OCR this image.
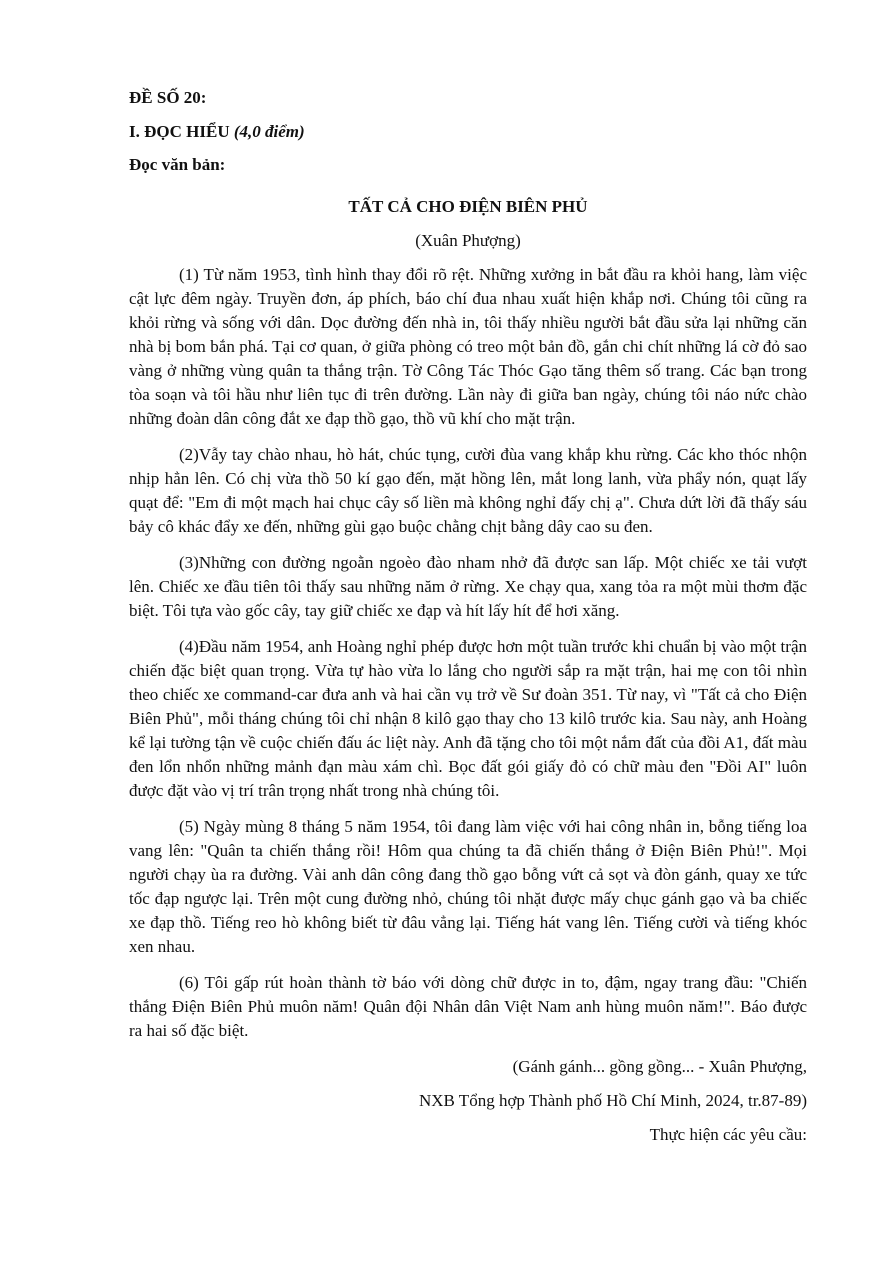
ĐỀ SỐ 20:

I. ĐỌC HIỂU (4,0 điểm)

Đọc văn bản:

TẤT CẢ CHO ĐIỆN BIÊN PHỦ

(Xuân Phượng)

(1) Từ năm 1953, tình hình thay đổi rõ rệt. Những xưởng in bắt đầu ra khỏi hang, làm việc cật lực đêm ngày. Truyền đơn, áp phích, báo chí đua nhau xuất hiện khắp nơi. Chúng tôi cũng ra khỏi rừng và sống với dân. Dọc đường đến nhà in, tôi thấy nhiều người bắt đầu sửa lại những căn nhà bị bom bắn phá. Tại cơ quan, ở giữa phòng có treo một bản đồ, gắn chi chít những lá cờ đỏ sao vàng ở những vùng quân ta thắng trận. Tờ Công Tác Thóc Gạo tăng thêm số trang. Các bạn trong tòa soạn và tôi hầu như liên tục đi trên đường. Lần này đi giữa ban ngày, chúng tôi náo nức chào những đoàn dân công đắt xe đạp thồ gạo, thồ vũ khí cho mặt trận.

(2)Vẫy tay chào nhau, hò hát, chúc tụng, cười đùa vang khắp khu rừng. Các kho thóc nhộn nhịp hẳn lên. Có chị vừa thồ 50 kí gạo đến, mặt hồng lên, mắt long lanh, vừa phẩy nón, quạt lấy quạt để: "Em đi một mạch hai chục cây số liền mà không nghỉ đấy chị ạ". Chưa dứt lời đã thấy sáu bảy cô khác đẩy xe đến, những gùi gạo buộc chằng chịt bằng dây cao su đen.

(3)Những con đường ngoằn ngoèo đào nham nhở đã được san lấp. Một chiếc xe tải vượt lên. Chiếc xe đầu tiên tôi thấy sau những năm ở rừng. Xe chạy qua, xang tỏa ra một mùi thơm đặc biệt. Tôi tựa vào gốc cây, tay giữ chiếc xe đạp và hít lấy hít để hơi xăng.

(4)Đầu năm 1954, anh Hoàng nghỉ phép được hơn một tuần trước khi chuẩn bị vào một trận chiến đặc biệt quan trọng. Vừa tự hào vừa lo lắng cho người sắp ra mặt trận, hai mẹ con tôi nhìn theo chiếc xe command-car đưa anh và hai cần vụ trở về Sư đoàn 351. Từ nay, vì "Tất cả cho Điện Biên Phủ", mỗi tháng chúng tôi chỉ nhận 8 kilô gạo thay cho 13 kilô trước kia. Sau này, anh Hoàng kể lại tường tận về cuộc chiến đấu ác liệt này. Anh đã tặng cho tôi một nắm đất của đồi A1, đất màu đen lổn nhổn những mảnh đạn màu xám chì. Bọc đất gói giấy đỏ có chữ màu đen "Đồi AI" luôn được đặt vào vị trí trân trọng nhất trong nhà chúng tôi.

(5) Ngày mùng 8 tháng 5 năm 1954, tôi đang làm việc với hai công nhân in, bỗng tiếng loa vang lên: "Quân ta chiến thắng rồi! Hôm qua chúng ta đã chiến thắng ở Điện Biên Phủ!". Mọi người chạy ùa ra đường. Vài anh dân công đang thồ gạo bỗng vứt cả sọt và đòn gánh, quay xe tức tốc đạp ngược lại. Trên một cung đường nhỏ, chúng tôi nhặt được mấy chục gánh gạo và ba chiếc xe đạp thồ. Tiếng reo hò không biết từ đâu vẳng lại. Tiếng hát vang lên. Tiếng cười và tiếng khóc xen nhau.

(6) Tôi gấp rút hoàn thành tờ báo với dòng chữ được in to, đậm, ngay trang đầu: "Chiến thắng Điện Biên Phủ muôn năm! Quân đội Nhân dân Việt Nam anh hùng muôn năm!". Báo được ra hai số đặc biệt.

(Gánh gánh... gồng gồng... - Xuân Phượng,

NXB Tổng hợp Thành phố Hồ Chí Minh, 2024, tr.87-89)

Thực hiện các yêu cầu:
